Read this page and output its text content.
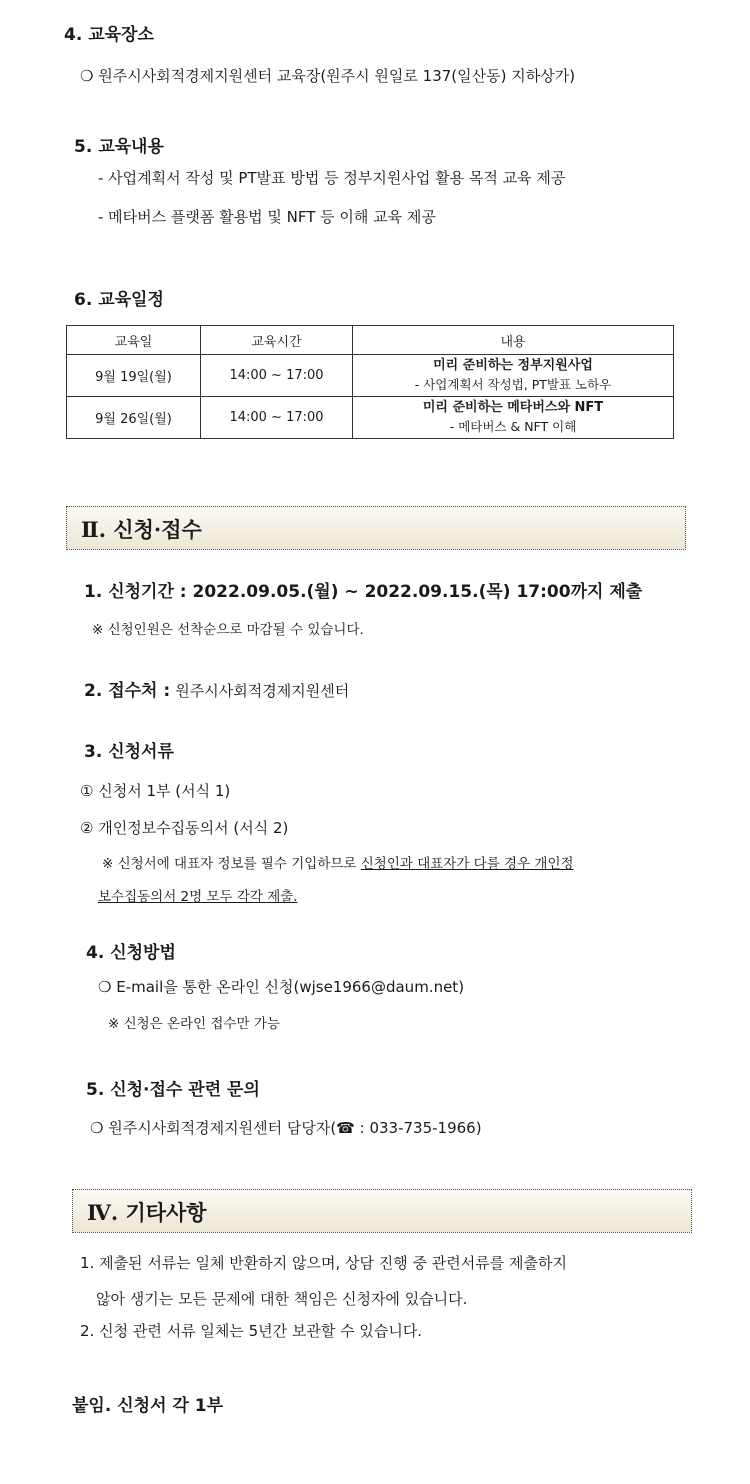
4. 교육장소
❍ 원주시사회적경제지원센터 교육장(원주시 원일로 137(일산동) 지하상가)
5. 교육내용
- 사업계획서 작성 및 PT발표 방법 등 정부지원사업 활용 목적 교육 제공
- 메타버스 플랫폼 활용법 및 NFT 등 이해 교육 제공
6. 교육일정
교육일	교육시간	내용
9월 19일(월)	14:00 ~ 17:00	미리 준비하는 정부지원사업
- 사업계획서 작성법, PT발표 노하우

9월 26일(월)	14:00 ~ 17:00	미리 준비하는 메타버스와 NFT
- 메타버스 & NFT 이해
Ⅱ. 신청·접수
1. 신청기간 : 2022.09.05.(월) ~ 2022.09.15.(목) 17:00까지 제출
※ 신청인원은 선착순으로 마감될 수 있습니다.
2. 접수처 : 원주시사회적경제지원센터
3. 신청서류
① 신청서 1부 (서식 1)
② 개인정보수집동의서 (서식 2)
※ 신청서에 대표자 정보를 필수 기입하므로 신청인과 대표자가 다를 경우 개인정
보수집동의서 2명 모두 각각 제출.
4. 신청방법
❍ E-mail을 통한 온라인 신청(wjse1966@daum.net)
※ 신청은 온라인 접수만 가능
5. 신청·접수 관련 문의
❍ 원주시사회적경제지원센터 담당자(☎ : 033-735-1966)
Ⅳ. 기타사항
1. 제출된 서류는 일체 반환하지 않으며, 상담 진행 중 관련서류를 제출하지
않아 생기는 모든 문제에 대한 책임은 신청자에 있습니다.
2. 신청 관련 서류 일체는 5년간 보관할 수 있습니다.
붙임. 신청서 각 1부
